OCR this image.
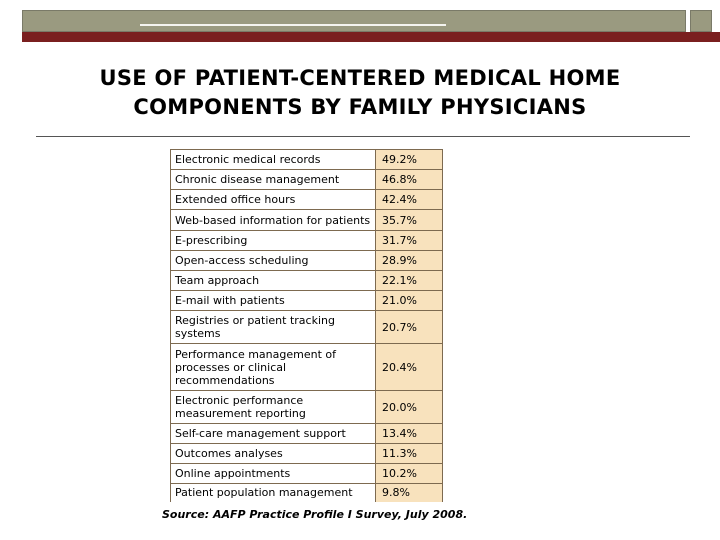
USE OF PATIENT-CENTERED MEDICAL HOME
COMPONENTS BY FAMILY PHYSICIANS
Electronic medical records	49.2%
Chronic disease management	46.8%
Extended office hours	42.4%
Web-based information for patients	35.7%
E-prescribing	31.7%
Open-access scheduling	28.9%
Team approach	22.1%
E-mail with patients	21.0%
Registries or patient tracking systems	20.7%
Performance management of processes or clinical recommendations	20.4%
Electronic performance measurement reporting	20.0%
Self-care management support	13.4%
Outcomes analyses	11.3%
Online appointments	10.2%
Patient population management	9.8%
Source: AAFP Practice Profile I Survey, July 2008.
